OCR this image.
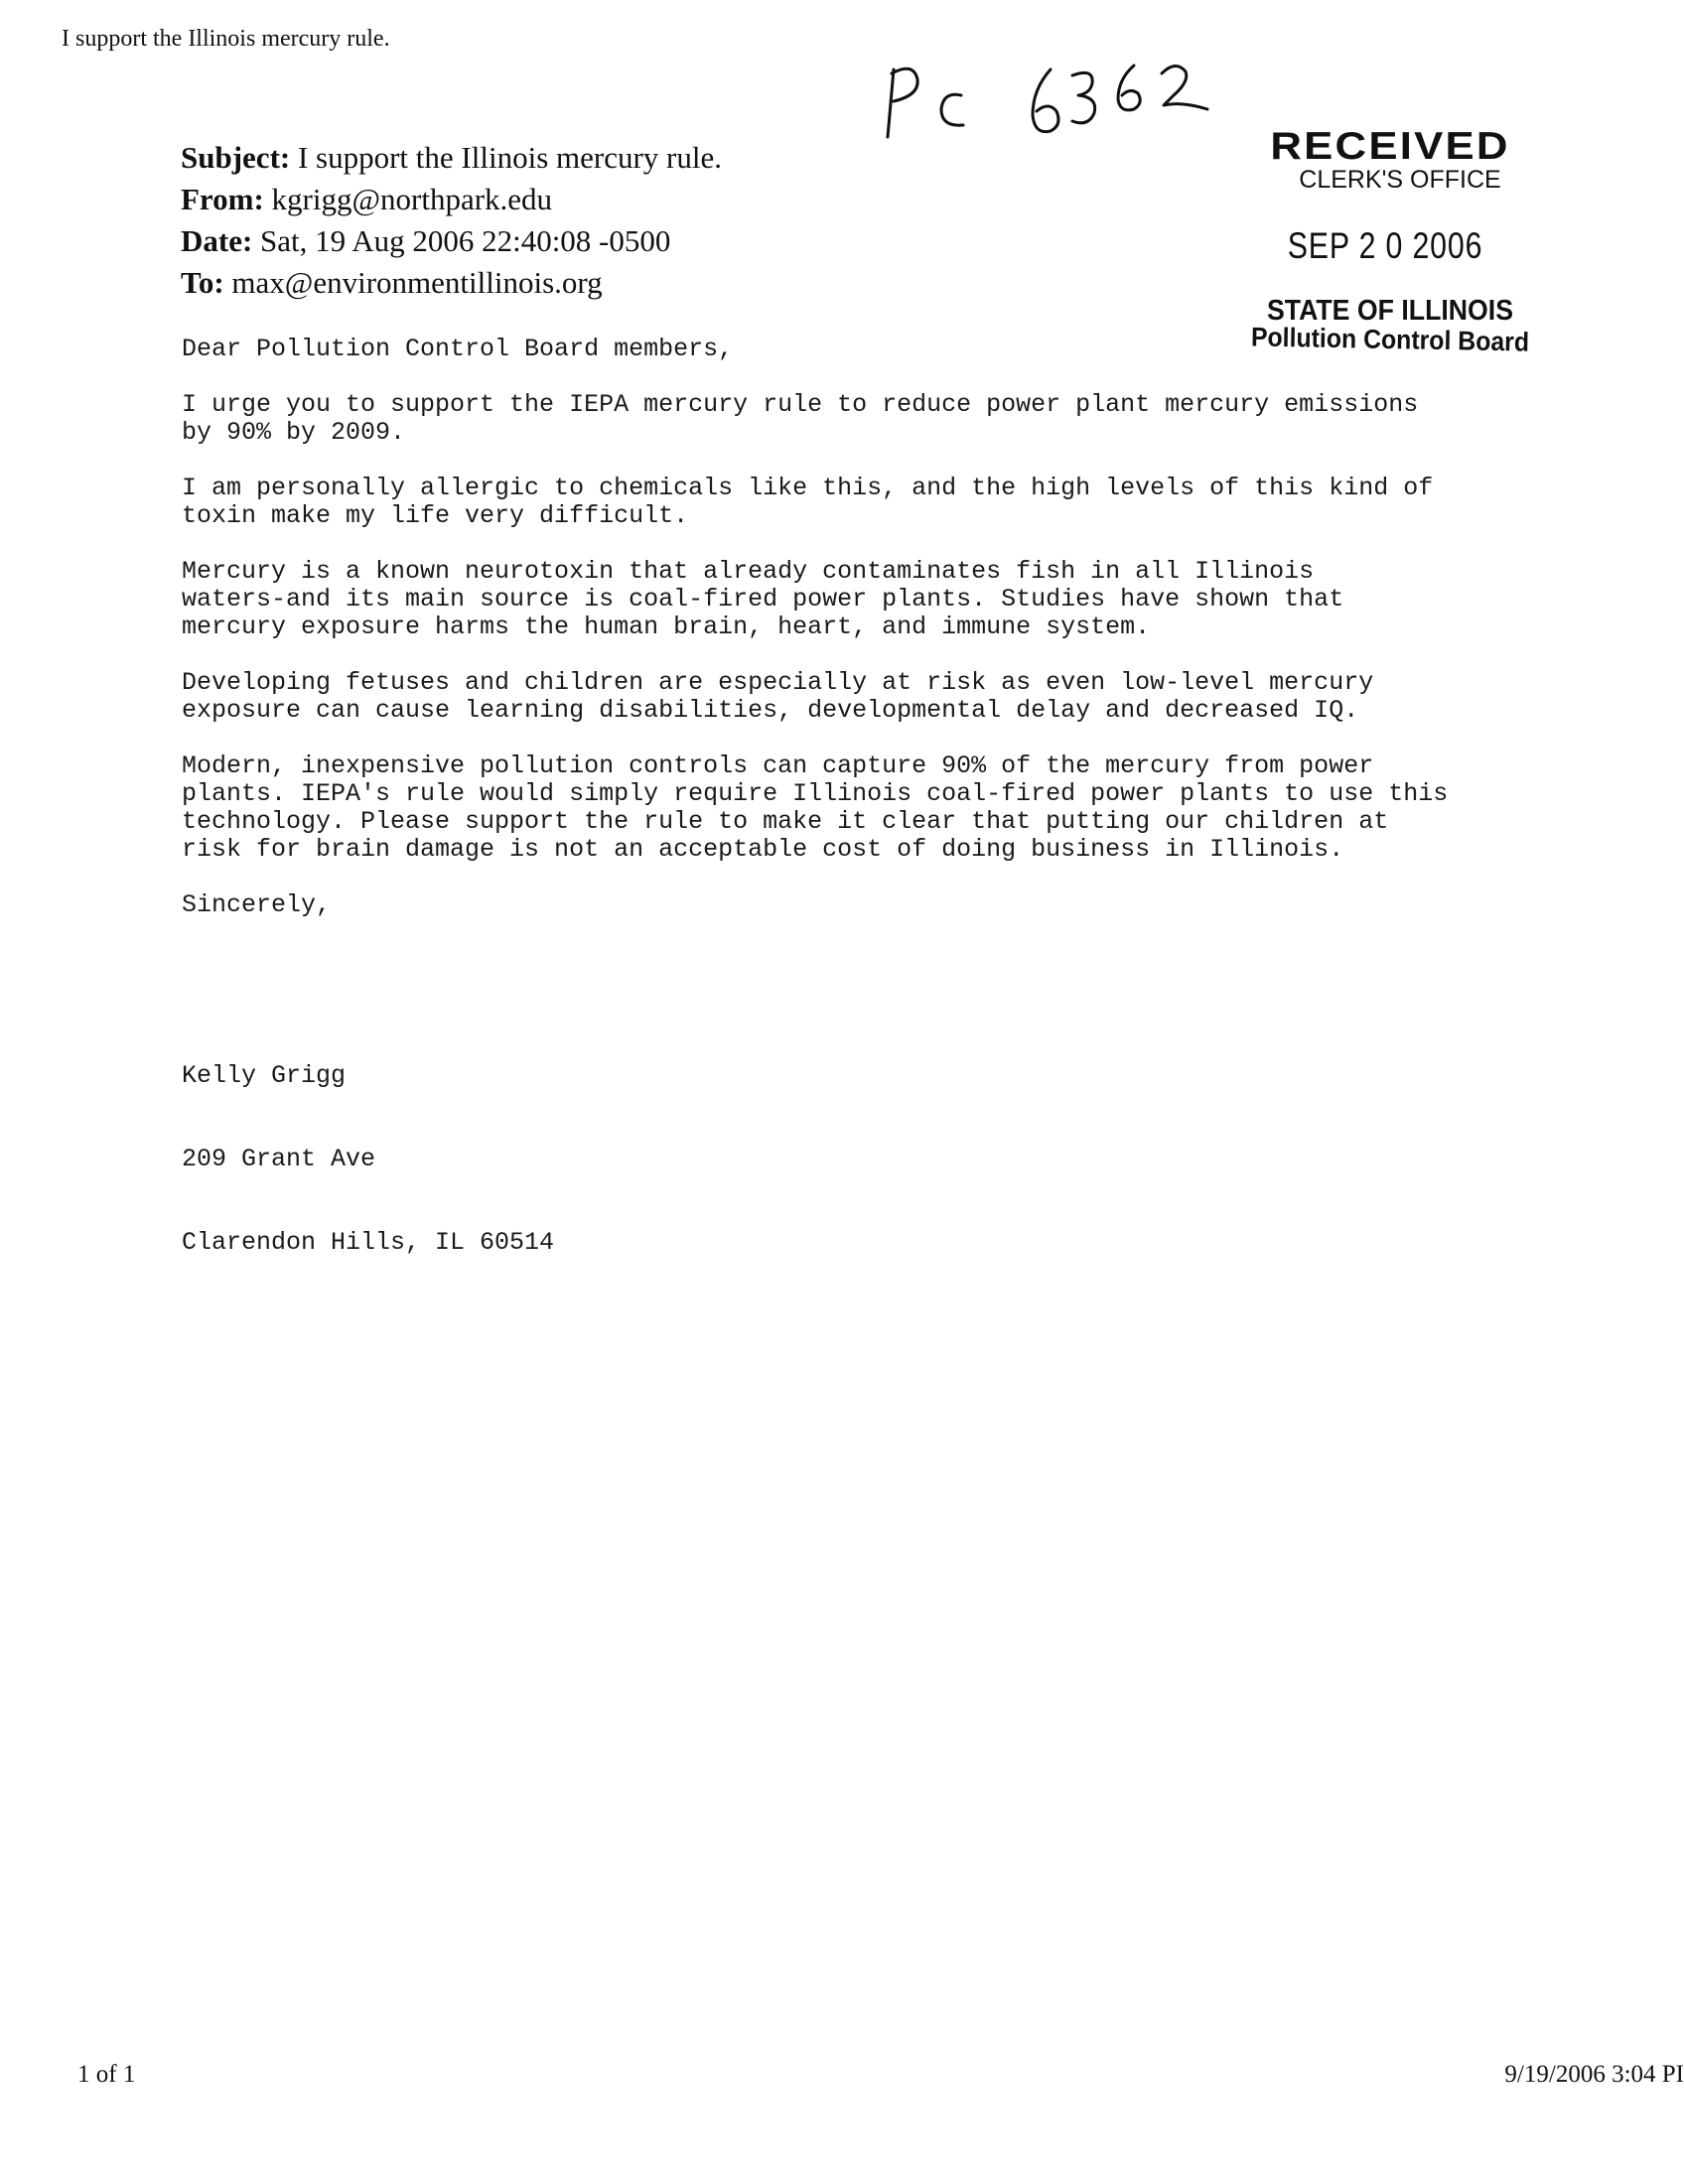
I support the Illinois mercury rule.
Subject: I support the Illinois mercury rule.
From: kgrigg@northpark.edu
Date: Sat, 19 Aug 2006 22:40:08 -0500
To: max@environmentillinois.org
RECEIVED
CLERK'S OFFICE
SEP 2 0 2006
STATE OF ILLINOIS
Pollution Control Board
Dear Pollution Control Board members,
I urge you to support the IEPA mercury rule to reduce power plant mercury emissions
by 90% by 2009.
I am personally allergic to chemicals like this, and the high levels of this kind of
toxin make my life very difficult.
Mercury is a known neurotoxin that already contaminates fish in all Illinois
waters-and its main source is coal-fired power plants. Studies have shown that
mercury exposure harms the human brain, heart, and immune system.
Developing fetuses and children are especially at risk as even low-level mercury
exposure can cause learning disabilities, developmental delay and decreased IQ.
Modern, inexpensive pollution controls can capture 90% of the mercury from power
plants. IEPA's rule would simply require Illinois coal-fired power plants to use this
technology. Please support the rule to make it clear that putting our children at
risk for brain damage is not an acceptable cost of doing business in Illinois.
Sincerely,

Kelly Grigg

209 Grant Ave

Clarendon Hills, IL 60514

1 of 1	9/19/2006 3:04 PI
